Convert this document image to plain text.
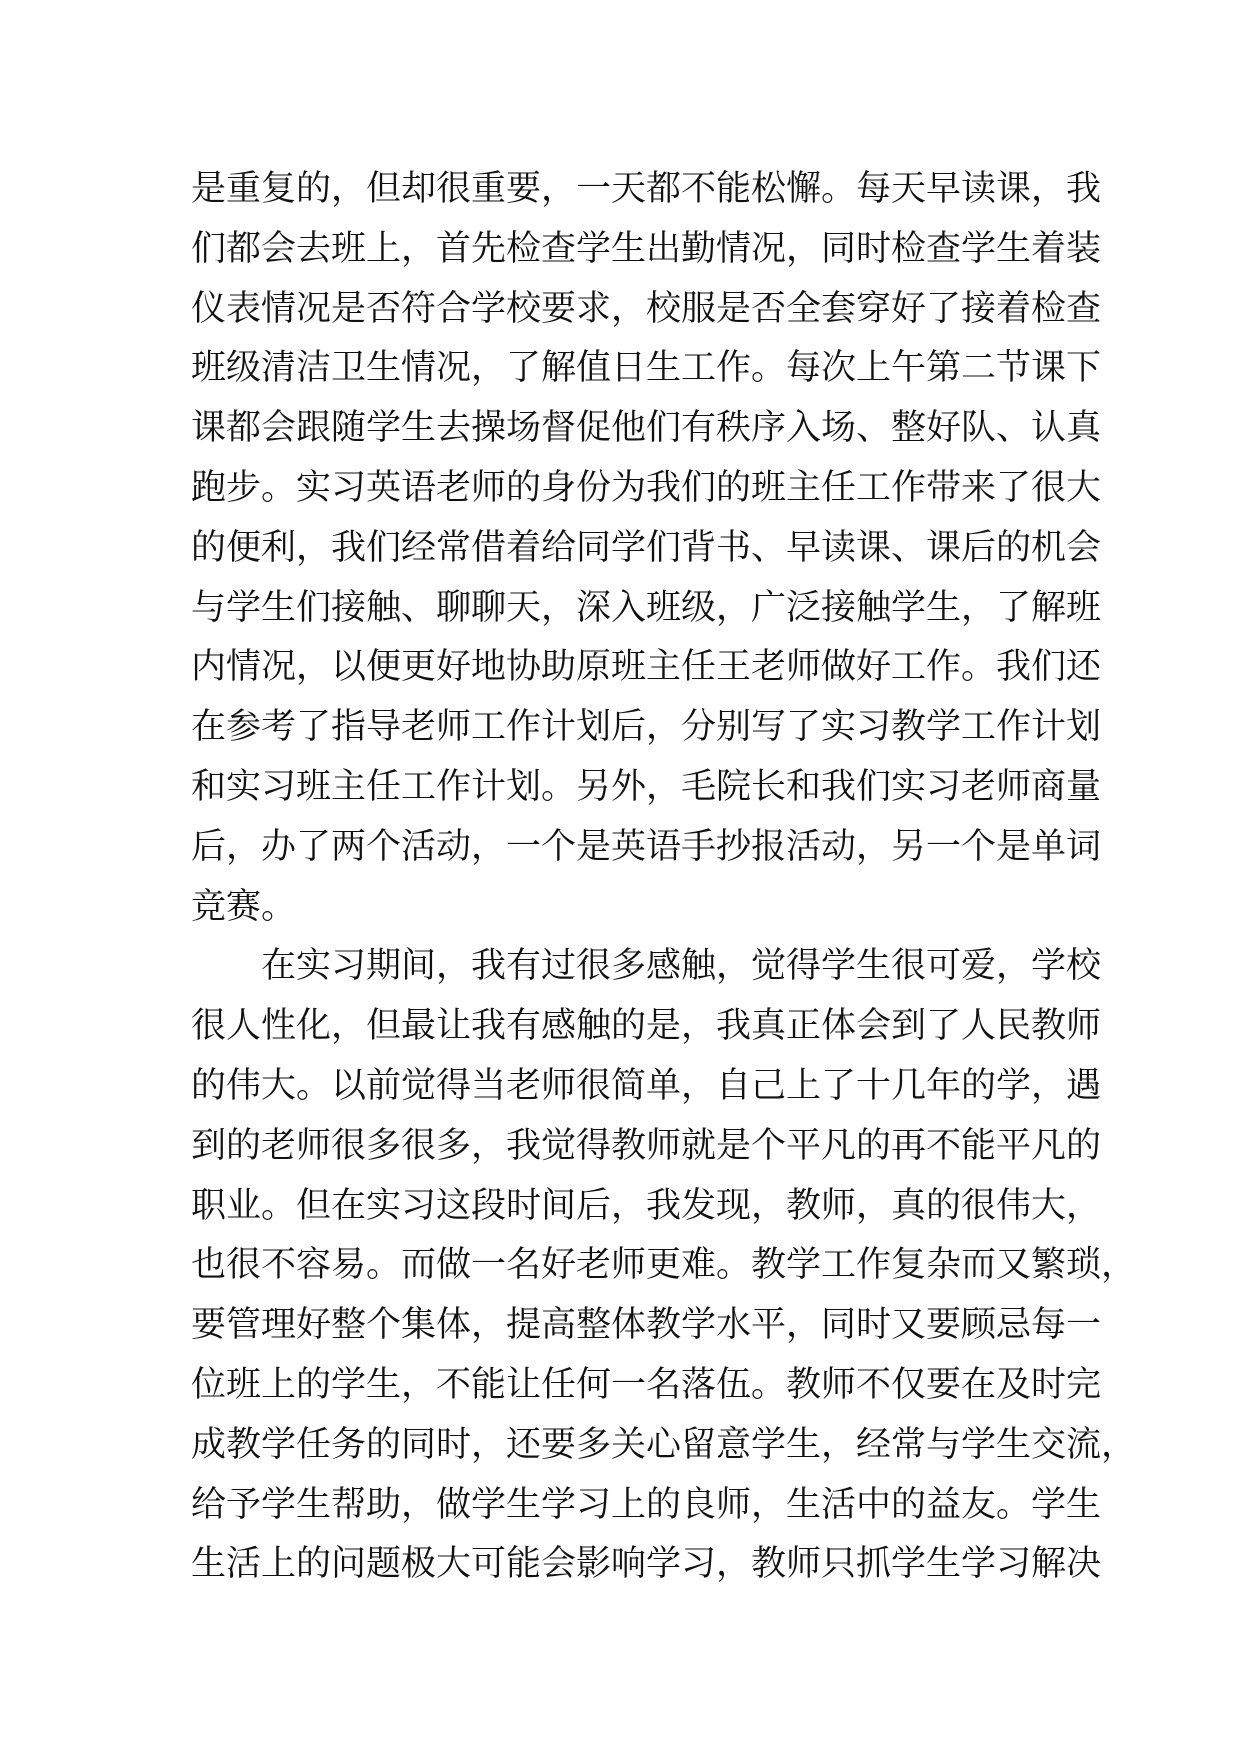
是重复的，但却很重要，一天都不能松懈。每天早读课，我
们都会去班上，首先检查学生出勤情况，同时检查学生着装
仪表情况是否符合学校要求，校服是否全套穿好了接着检查
班级清洁卫生情况，了解值日生工作。每次上午第二节课下
课都会跟随学生去操场督促他们有秩序入场、整好队、认真
跑步。实习英语老师的身份为我们的班主任工作带来了很大
的便利，我们经常借着给同学们背书、早读课、课后的机会
与学生们接触、聊聊天，深入班级，广泛接触学生，了解班
内情况，以便更好地协助原班主任王老师做好工作。我们还
在参考了指导老师工作计划后，分别写了实习教学工作计划
和实习班主任工作计划。另外，毛院长和我们实习老师商量
后，办了两个活动，一个是英语手抄报活动，另一个是单词
竞赛。
在实习期间，我有过很多感触，觉得学生很可爱，学校
很人性化，但最让我有感触的是，我真正体会到了人民教师
的伟大。以前觉得当老师很简单，自己上了十几年的学，遇
到的老师很多很多，我觉得教师就是个平凡的再不能平凡的
职业。但在实习这段时间后，我发现，教师，真的很伟大，
也很不容易。而做一名好老师更难。教学工作复杂而又繁琐，
要管理好整个集体，提高整体教学水平，同时又要顾忌每一
位班上的学生，不能让任何一名落伍。教师不仅要在及时完
成教学任务的同时，还要多关心留意学生，经常与学生交流，
给予学生帮助，做学生学习上的良师，生活中的益友。学生
生活上的问题极大可能会影响学习，教师只抓学生学习解决
